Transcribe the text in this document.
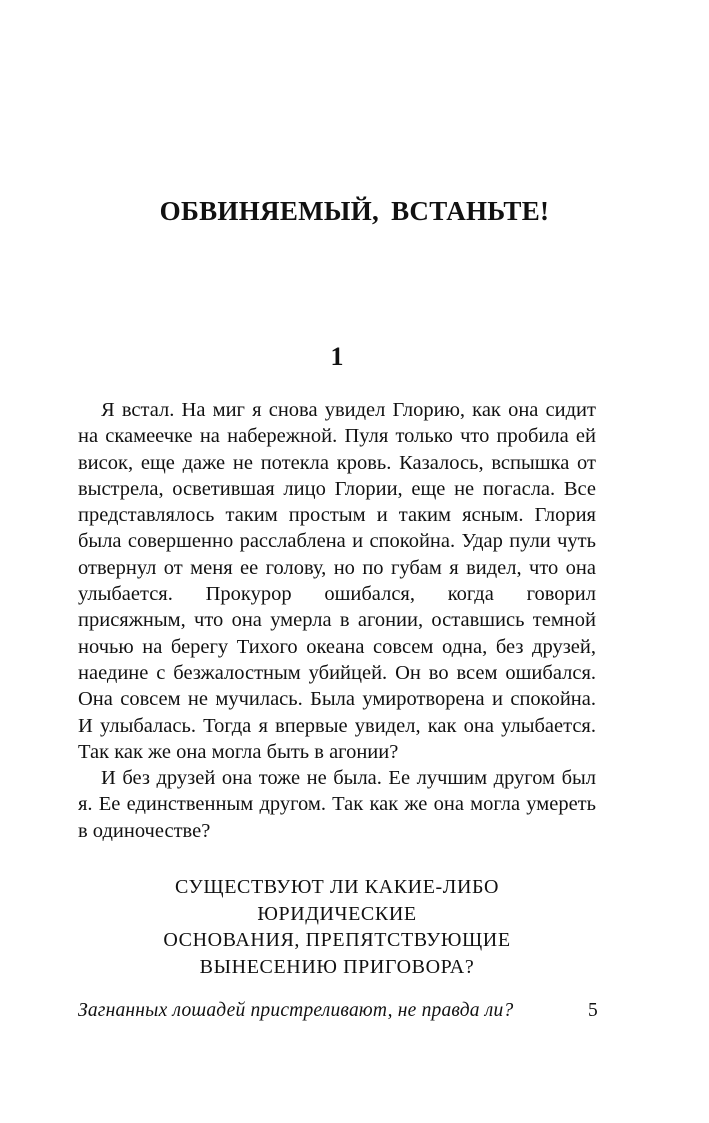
ОБВИНЯЕМЫЙ, ВСТАНЬТЕ!
1

Я встал. На миг я снова увидел Глорию, как она сидит на скамеечке на набережной. Пуля только что пробила ей висок, еще даже не потекла кровь. Казалось, вспышка от выстрела, осветившая лицо Глории, еще не погасла. Все представлялось таким простым и таким ясным. Глория была совершенно расслаблена и спокойна. Удар пули чуть отвернул от меня ее голову, но по губам я видел, что она улыбается. Прокурор ошибался, когда говорил присяжным, что она умерла в агонии, оставшись темной ночью на берегу Тихого океана совсем одна, без друзей, наедине с безжалостным убийцей. Он во всем ошибался. Она совсем не мучилась. Была умиротворена и спокойна. И улыбалась. Тогда я впервые увидел, как она улыбается. Так как же она могла быть в агонии?

И без друзей она тоже не была. Ее лучшим другом был я. Ее единственным другом. Так как же она могла умереть в одиночестве?

СУЩЕСТВУЮТ ЛИ КАКИЕ-ЛИБО
ЮРИДИЧЕСКИЕ
ОСНОВАНИЯ, ПРЕПЯТСТВУЮЩИЕ
ВЫНЕСЕНИЮ ПРИГОВОРА?
Загнанных лошадей пристреливают, не правда ли?	5
